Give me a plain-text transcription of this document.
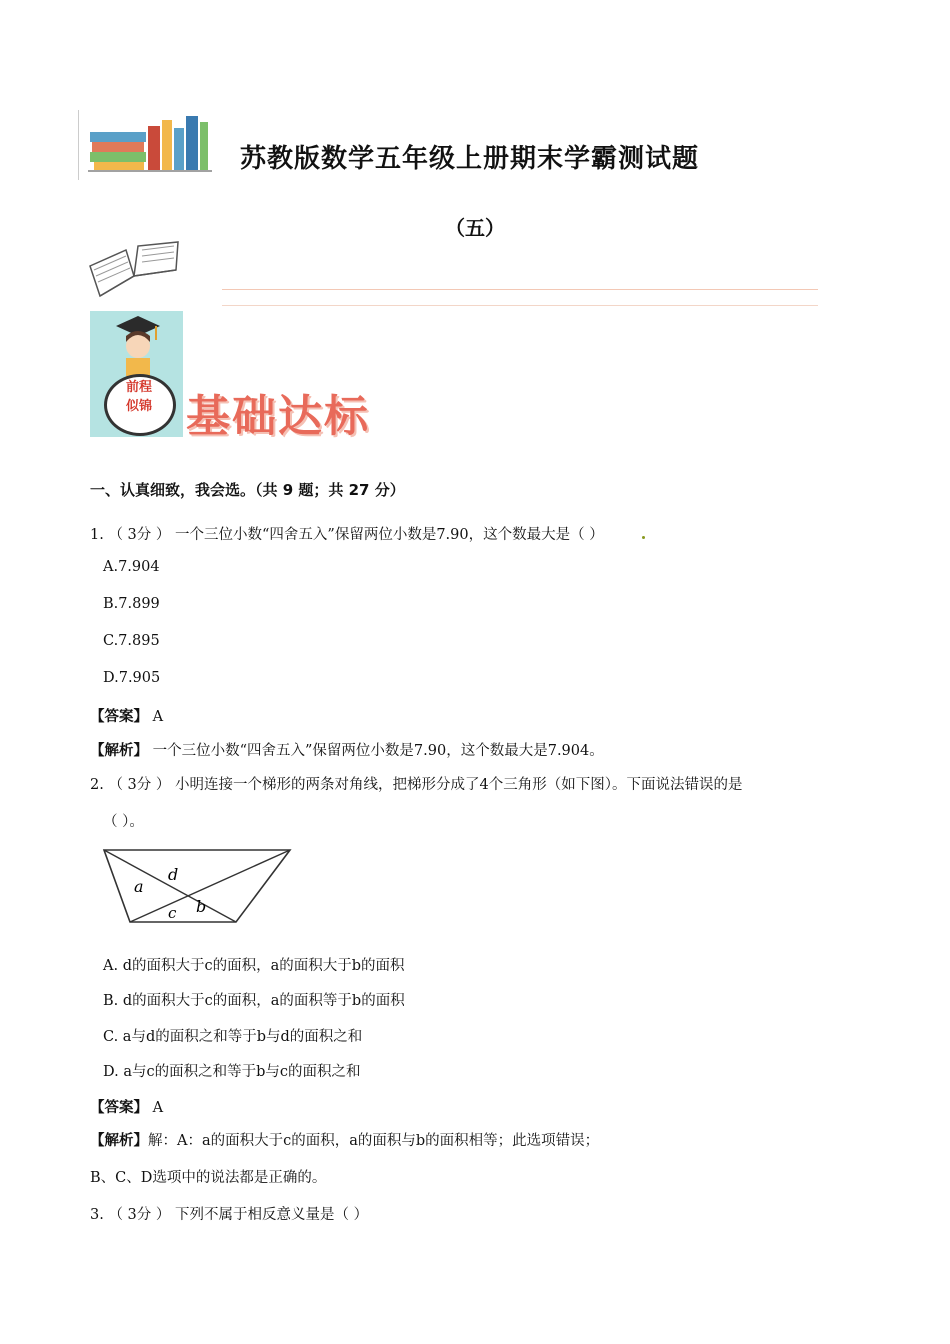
苏教版数学五年级上册期末学霸测试题
（五）
前程
似锦 基础达标
一、认真细致，我会选。（共 9 题；共 27 分）
1. （ 3分 ） 一个三位小数“四舍五入”保留两位小数是7.90，这个数最大是（ ）
A.7.904
B.7.899
C.7.895
D.7.905
【答案】 A
【解析】 一个三位小数“四舍五入”保留两位小数是7.90，这个数最大是7.904。
2. （ 3分 ） 小明连接一个梯形的两条对角线，把梯形分成了4个三角形（如下图）。下面说法错误的是
（ ）。
a
d
c b
A. d的面积大于c的面积，a的面积大于b的面积
B. d的面积大于c的面积，a的面积等于b的面积
C. a与d的面积之和等于b与d的面积之和
D. a与c的面积之和等于b与c的面积之和
【答案】 A
【解析】解：A：a的面积大于c的面积，a的面积与b的面积相等；此选项错误；
B、C、D选项中的说法都是正确的。
3. （ 3分 ） 下列不属于相反意义量是（ ）
